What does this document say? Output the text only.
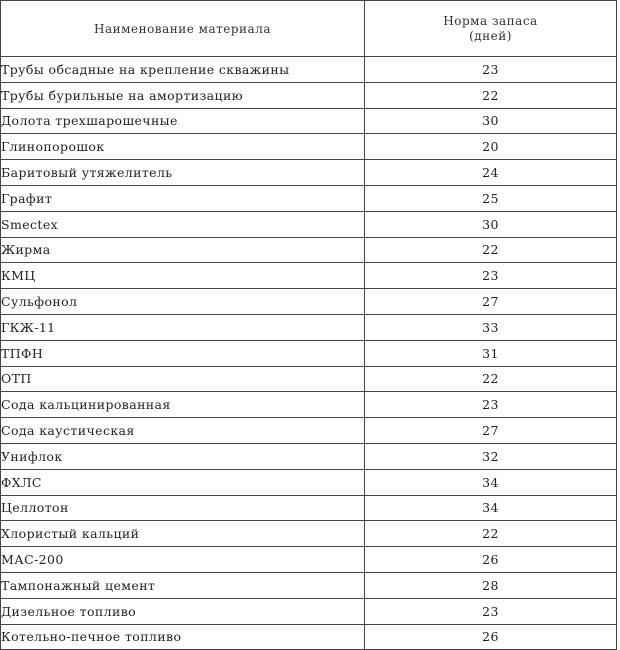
Наименование материала	Норма запаса
(дней)

Трубы обсадные на крепление скважины	23
Трубы бурильные на амортизацию	22
Долота трехшарошечные	30
Глинопорошок	20
Баритовый утяжелитель	24
Графит	25
Smectex	30
Жирма	22
КМЦ	23
Сульфонол	27
ГКЖ-11	33
ТПФН	31
ОТП	22
Сода кальцинированная	23
Сода каустическая	27
Унифлок	32
ФХЛС	34
Целлотон	34
Хлористый кальций	22
МАС-200	26
Тампонажный цемент	28
Дизельное топливо	23
Котельно-печное топливо	26
